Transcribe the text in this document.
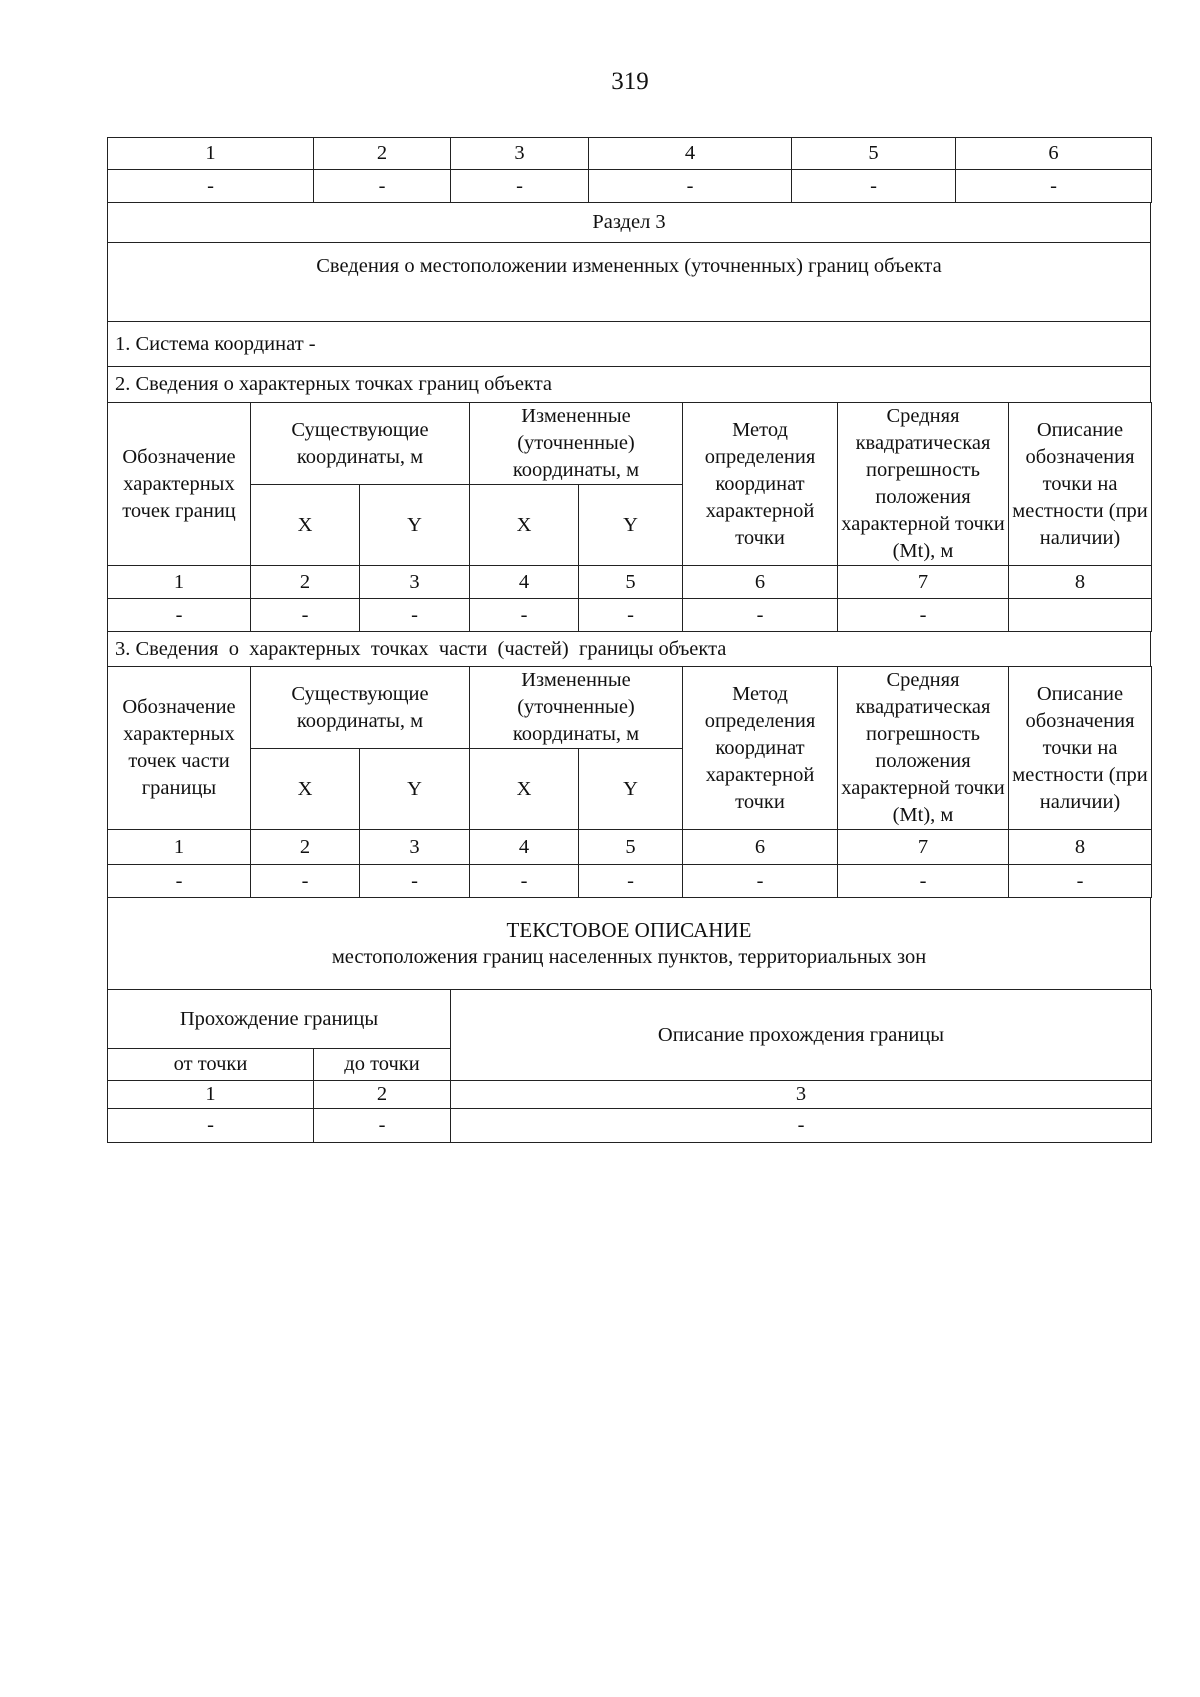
319
1	2	3	4	5	6
-	-	-	-	-	-
Раздел 3
Сведения о местоположении измененных (уточненных) границ объекта
1. Система координат -
2. Сведения о характерных точках границ объекта
Обозначение характерных точек границ	Существующие координаты, м		Измененные (уточненные) координаты, м		Метод определения координат характерной точки	Средняя квадратическая погрешность положения характерной точки (Mt), м	Описание обозначения точки на местности (при наличии)
	X	Y	X	Y			
1	2	3	4	5	6	7	8
-	-	-	-	-	-	-	
3. Сведения  о  характерных  точках  части  (частей)  границы объекта
Обозначение характерных точек части границы	Существующие координаты, м		Измененные (уточненные) координаты, м		Метод определения координат характерной точки	Средняя квадратическая погрешность положения характерной точки (Mt), м	Описание обозначения точки на местности (при наличии)
	X	Y	X	Y			
1	2	3	4	5	6	7	8
-	-	-	-	-	-	-	-
ТЕКСТОВОЕ ОПИСАНИЕ
местоположения границ населенных пунктов, территориальных зон
Прохождение границы		Описание прохождения границы
от точки	до точки	
1	2	3
-	-	-
